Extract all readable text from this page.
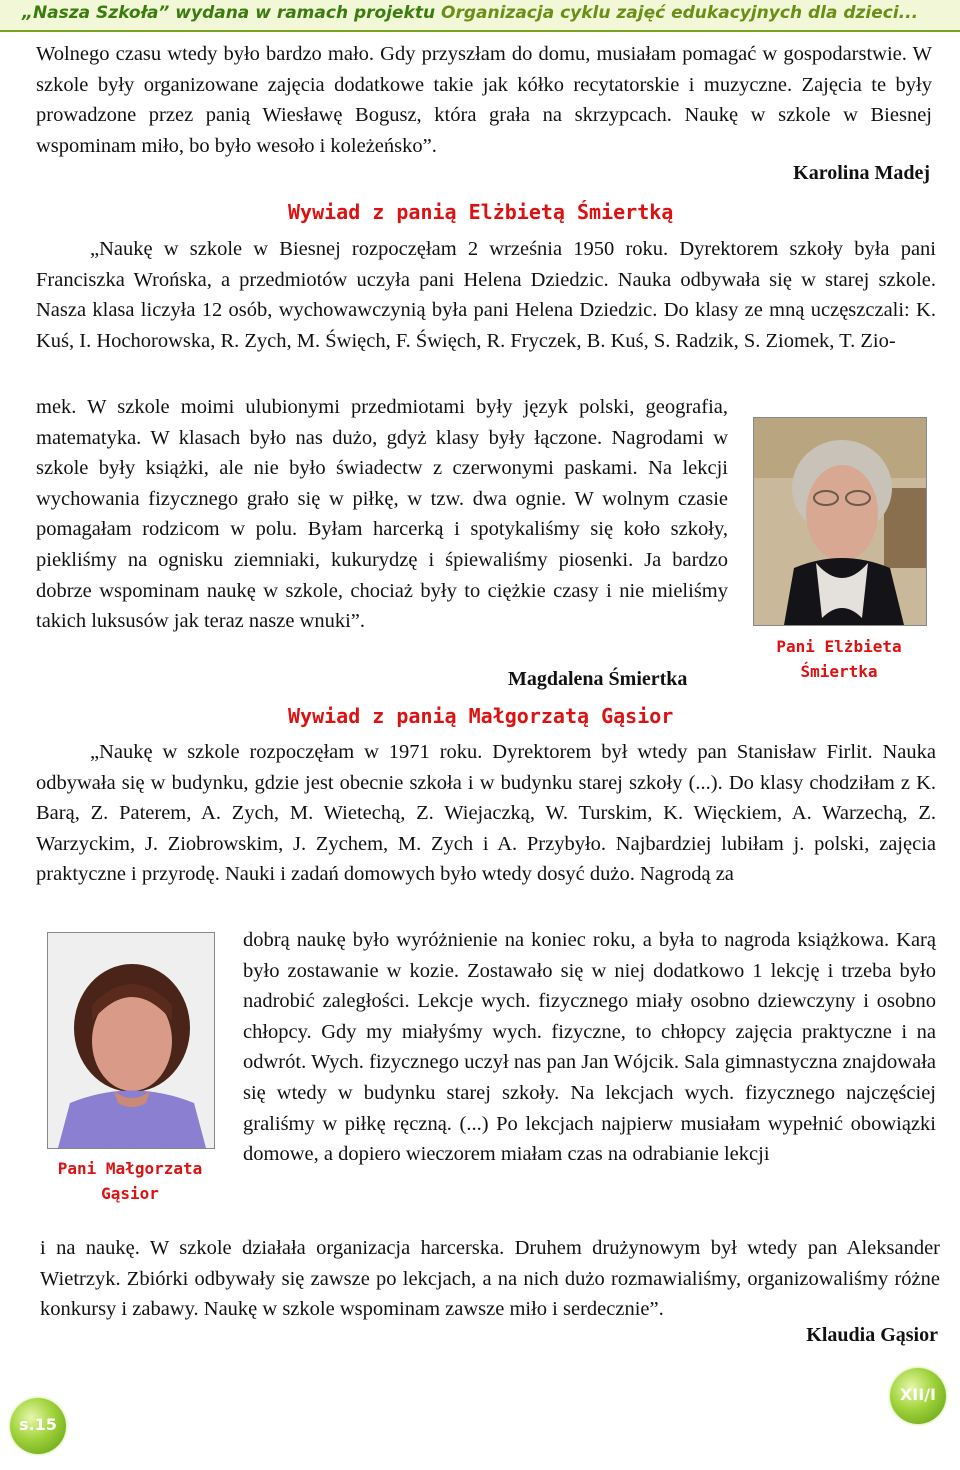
„Nasza Szkoła” wydana w ramach projektu Organizacja cyklu zajęć edukacyjnych dla dzieci...

Wolnego czasu wtedy było bardzo mało. Gdy przyszłam do domu, musiałam pomagać w gospodarstwie. W szkole były organizowane zajęcia dodatkowe takie jak kółko recytatorskie i muzyczne. Zajęcia te były prowadzone przez panią Wiesławę Bogusz, która grała na skrzypcach. Naukę w szkole w Biesnej wspominam miło, bo było wesoło i koleżeńsko”.

Karolina Madej
Wywiad z panią Elżbietą Śmiertką

„Naukę w szkole w Biesnej rozpoczęłam 2 września 1950 roku. Dyrektorem szkoły była pani Franciszka Wrońska, a przedmiotów uczyła pani Helena Dziedzic. Nauka odbywała się w starej szkole. Nasza klasa liczyła 12 osób, wychowawczynią była pani Helena Dziedzic. Do klasy ze mną uczęszczali: K. Kuś, I. Hochorowska, R. Zych, M. Święch, F. Święch, R. Fryczek, B. Kuś, S. Radzik, S. Ziomek, T. Zio-

mek. W szkole moimi ulubionymi przedmiotami były język polski, geografia, matematyka. W klasach było nas dużo, gdyż klasy były łączone. Nagrodami w szkole były książki, ale nie było świadectw z czerwonymi paskami. Na lekcji wychowania fizycznego grało się w piłkę, w tzw. dwa ognie. W wolnym czasie pomagałam rodzicom w polu. Byłam harcerką i spotykaliśmy się koło szkoły, piekliśmy na ognisku ziemniaki, kukurydzę i śpiewaliśmy piosenki. Ja bardzo dobrze wspominam naukę w szkole, chociaż były to ciężkie czasy i nie mieliśmy takich luksusów jak teraz nasze wnuki”.

Magdalena Śmiertka
Pani Elżbieta
Śmiertka
Wywiad z panią Małgorzatą Gąsior

„Naukę w szkole rozpoczęłam w 1971 roku. Dyrektorem był wtedy pan Stanisław Firlit. Nauka odbywała się w budynku, gdzie jest obecnie szkoła i w budynku starej szkoły (...). Do klasy chodziłam z K. Barą, Z. Paterem, A. Zych, M. Wietechą, Z. Wiejaczką, W. Turskim, K. Więckiem, A. Warzechą, Z. Warzyckim, J. Ziobrowskim, J. Zychem, M. Zych i A. Przybyło. Najbardziej lubiłam j. polski, zajęcia praktyczne i przyrodę. Nauki i zadań domowych było wtedy dosyć dużo. Nagrodą za

dobrą naukę było wyróżnienie na koniec roku, a była to nagroda książkowa. Karą było zostawanie w kozie. Zostawało się w niej dodatkowo 1 lekcję i trzeba było nadrobić zaległości. Lekcje wych. fizycznego miały osobno dziewczyny i osobno chłopcy. Gdy my miałyśmy wych. fizyczne, to chłopcy zajęcia praktyczne i na odwrót. Wych. fizycznego uczył nas pan Jan Wójcik. Sala gimnastyczna znajdowała się wtedy w budynku starej szkoły. Na lekcjach wych. fizycznego najczęściej graliśmy w piłkę ręczną. (...) Po lekcjach najpierw musiałam wypełnić obowiązki domowe, a dopiero wieczorem miałam czas na odrabianie lekcji

i na naukę. W szkole działała organizacja harcerska. Druhem drużynowym był wtedy pan Aleksander Wietrzyk. Zbiórki odbywały się zawsze po lekcjach, a na nich dużo rozmawialiśmy, organizowaliśmy różne konkursy i zabawy. Naukę w szkole wspominam zawsze miło i serdecznie”.

Klaudia Gąsior
Pani Małgorzata
Gąsior
s.15
XII/I
